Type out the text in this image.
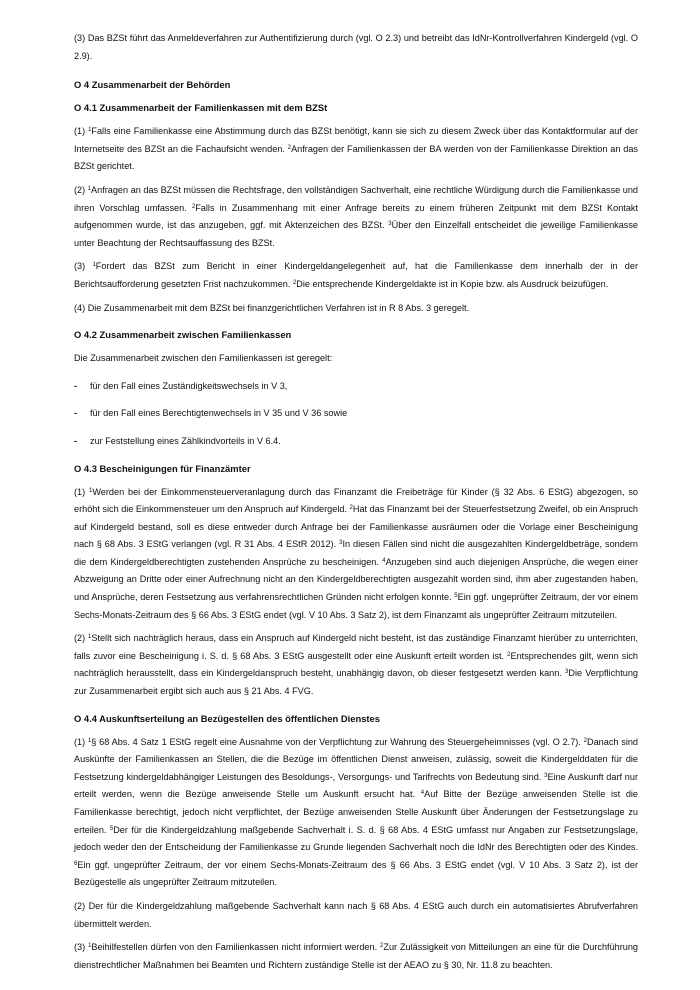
(3) Das BZSt führt das Anmeldeverfahren zur Authentifizierung durch (vgl. O 2.3) und betreibt das IdNr-Kontrollverfahren Kindergeld (vgl. O 2.9).

O 4 Zusammenarbeit der Behörden
O 4.1 Zusammenarbeit der Familienkassen mit dem BZSt

(1) $^1$Falls eine Familienkasse eine Abstimmung durch das BZSt benötigt, kann sie sich zu diesem Zweck über das Kontaktformular auf der Internetseite des BZSt an die Fachaufsicht wenden. $^2$Anfragen der Familienkassen der BA werden von der Familienkasse Direktion an das BZSt gerichtet.

(2) $^1$Anfragen an das BZSt müssen die Rechtsfrage, den vollständigen Sachverhalt, eine rechtliche Würdigung durch die Familienkasse und ihren Vorschlag umfassen. $^2$Falls in Zusammenhang mit einer Anfrage bereits zu einem früheren Zeitpunkt mit dem BZSt Kontakt aufgenommen wurde, ist das anzugeben, ggf. mit Aktenzeichen des BZSt. $^3$Über den Einzelfall entscheidet die jeweilige Familienkasse unter Beachtung der Rechtsauffassung des BZSt.

(3) $^1$Fordert das BZSt zum Bericht in einer Kindergeldangelegenheit auf, hat die Familienkasse dem innerhalb der in der Berichtsaufforderung gesetzten Frist nachzukommen. $^2$Die entsprechende Kindergeldakte ist in Kopie bzw. als Ausdruck beizufügen.

(4) Die Zusammenarbeit mit dem BZSt bei finanzgerichtlichen Verfahren ist in R 8 Abs. 3 geregelt.

O 4.2 Zusammenarbeit zwischen Familienkassen

Die Zusammenarbeit zwischen den Familienkassen ist geregelt:

- für den Fall eines Zuständigkeitswechsels in V 3,
- für den Fall eines Berechtigtenwechsels in V 35 und V 36 sowie
- zur Feststellung eines Zählkindvorteils in V 6.4.
O 4.3 Bescheinigungen für Finanzämter

(1) $^1$Werden bei der Einkommensteuerveranlagung durch das Finanzamt die Freibeträge für Kinder (§ 32 Abs. 6 EStG) abgezogen, so erhöht sich die Einkommensteuer um den Anspruch auf Kindergeld. $^2$Hat das Finanzamt bei der Steuerfestsetzung Zweifel, ob ein Anspruch auf Kindergeld bestand, soll es diese entweder durch Anfrage bei der Familienkasse ausräumen oder die Vorlage einer Bescheinigung nach § 68 Abs. 3 EStG verlangen (vgl. R 31 Abs. 4 EStR 2012). $^3$In diesen Fällen sind nicht die ausgezahlten Kindergeldbeträge, sondern die dem Kindergeldberechtigten zustehenden Ansprüche zu bescheinigen. $^4$Anzugeben sind auch diejenigen Ansprüche, die wegen einer Abzweigung an Dritte oder einer Aufrechnung nicht an den Kindergeldberechtigten ausgezahlt worden sind, ihm aber zugestanden haben, und Ansprüche, deren Festsetzung aus verfahrensrechtlichen Gründen nicht erfolgen konnte. $^5$Ein ggf. ungeprüfter Zeitraum, der vor einem Sechs-Monats-Zeitraum des § 66 Abs. 3 EStG endet (vgl. V 10 Abs. 3 Satz 2), ist dem Finanzamt als ungeprüfter Zeitraum mitzuteilen.

(2) $^1$Stellt sich nachträglich heraus, dass ein Anspruch auf Kindergeld nicht besteht, ist das zuständige Finanzamt hierüber zu unterrichten, falls zuvor eine Bescheinigung i. S. d. § 68 Abs. 3 EStG ausgestellt oder eine Auskunft erteilt worden ist. $^2$Entsprechendes gilt, wenn sich nachträglich herausstellt, dass ein Kindergeldanspruch besteht, unabhängig davon, ob dieser festgesetzt werden kann. $^3$Die Verpflichtung zur Zusammenarbeit ergibt sich auch aus § 21 Abs. 4 FVG.

O 4.4 Auskunftserteilung an Bezügestellen des öffentlichen Dienstes

(1) $^1$§ 68 Abs. 4 Satz 1 EStG regelt eine Ausnahme von der Verpflichtung zur Wahrung des Steuergeheimnisses (vgl. O 2.7). $^2$Danach sind Auskünfte der Familienkassen an Stellen, die die Bezüge im öffentlichen Dienst anweisen, zulässig, soweit die Kindergelddaten für die Festsetzung kindergeldabhängiger Leistungen des Besoldungs-, Versorgungs- und Tarifrechts von Bedeutung sind. $^3$Eine Auskunft darf nur erteilt werden, wenn die Bezüge anweisende Stelle um Auskunft ersucht hat. $^4$Auf Bitte der Bezüge anweisenden Stelle ist die Familienkasse berechtigt, jedoch nicht verpflichtet, der Bezüge anweisenden Stelle Auskunft über Änderungen der Festsetzungslage zu erteilen. $^5$Der für die Kindergeldzahlung maßgebende Sachverhalt i. S. d. § 68 Abs. 4 EStG umfasst nur Angaben zur Festsetzungslage, jedoch weder den der Entscheidung der Familienkasse zu Grunde liegenden Sachverhalt noch die IdNr des Berechtigten oder des Kindes. $^6$Ein ggf. ungeprüfter Zeitraum, der vor einem Sechs-Monats-Zeitraum des § 66 Abs. 3 EStG endet (vgl. V 10 Abs. 3 Satz 2), ist der Bezügestelle als ungeprüfter Zeitraum mitzuteilen.

(2) Der für die Kindergeldzahlung maßgebende Sachverhalt kann nach § 68 Abs. 4 EStG auch durch ein automatisiertes Abrufverfahren übermittelt werden.

(3) $^1$Beihilfestellen dürfen von den Familienkassen nicht informiert werden. $^2$Zur Zulässigkeit von Mitteilungen an eine für die Durchführung dienstrechtlicher Maßnahmen bei Beamten und Richtern zuständige Stelle ist der AEAO zu § 30, Nr. 11.8 zu beachten.
